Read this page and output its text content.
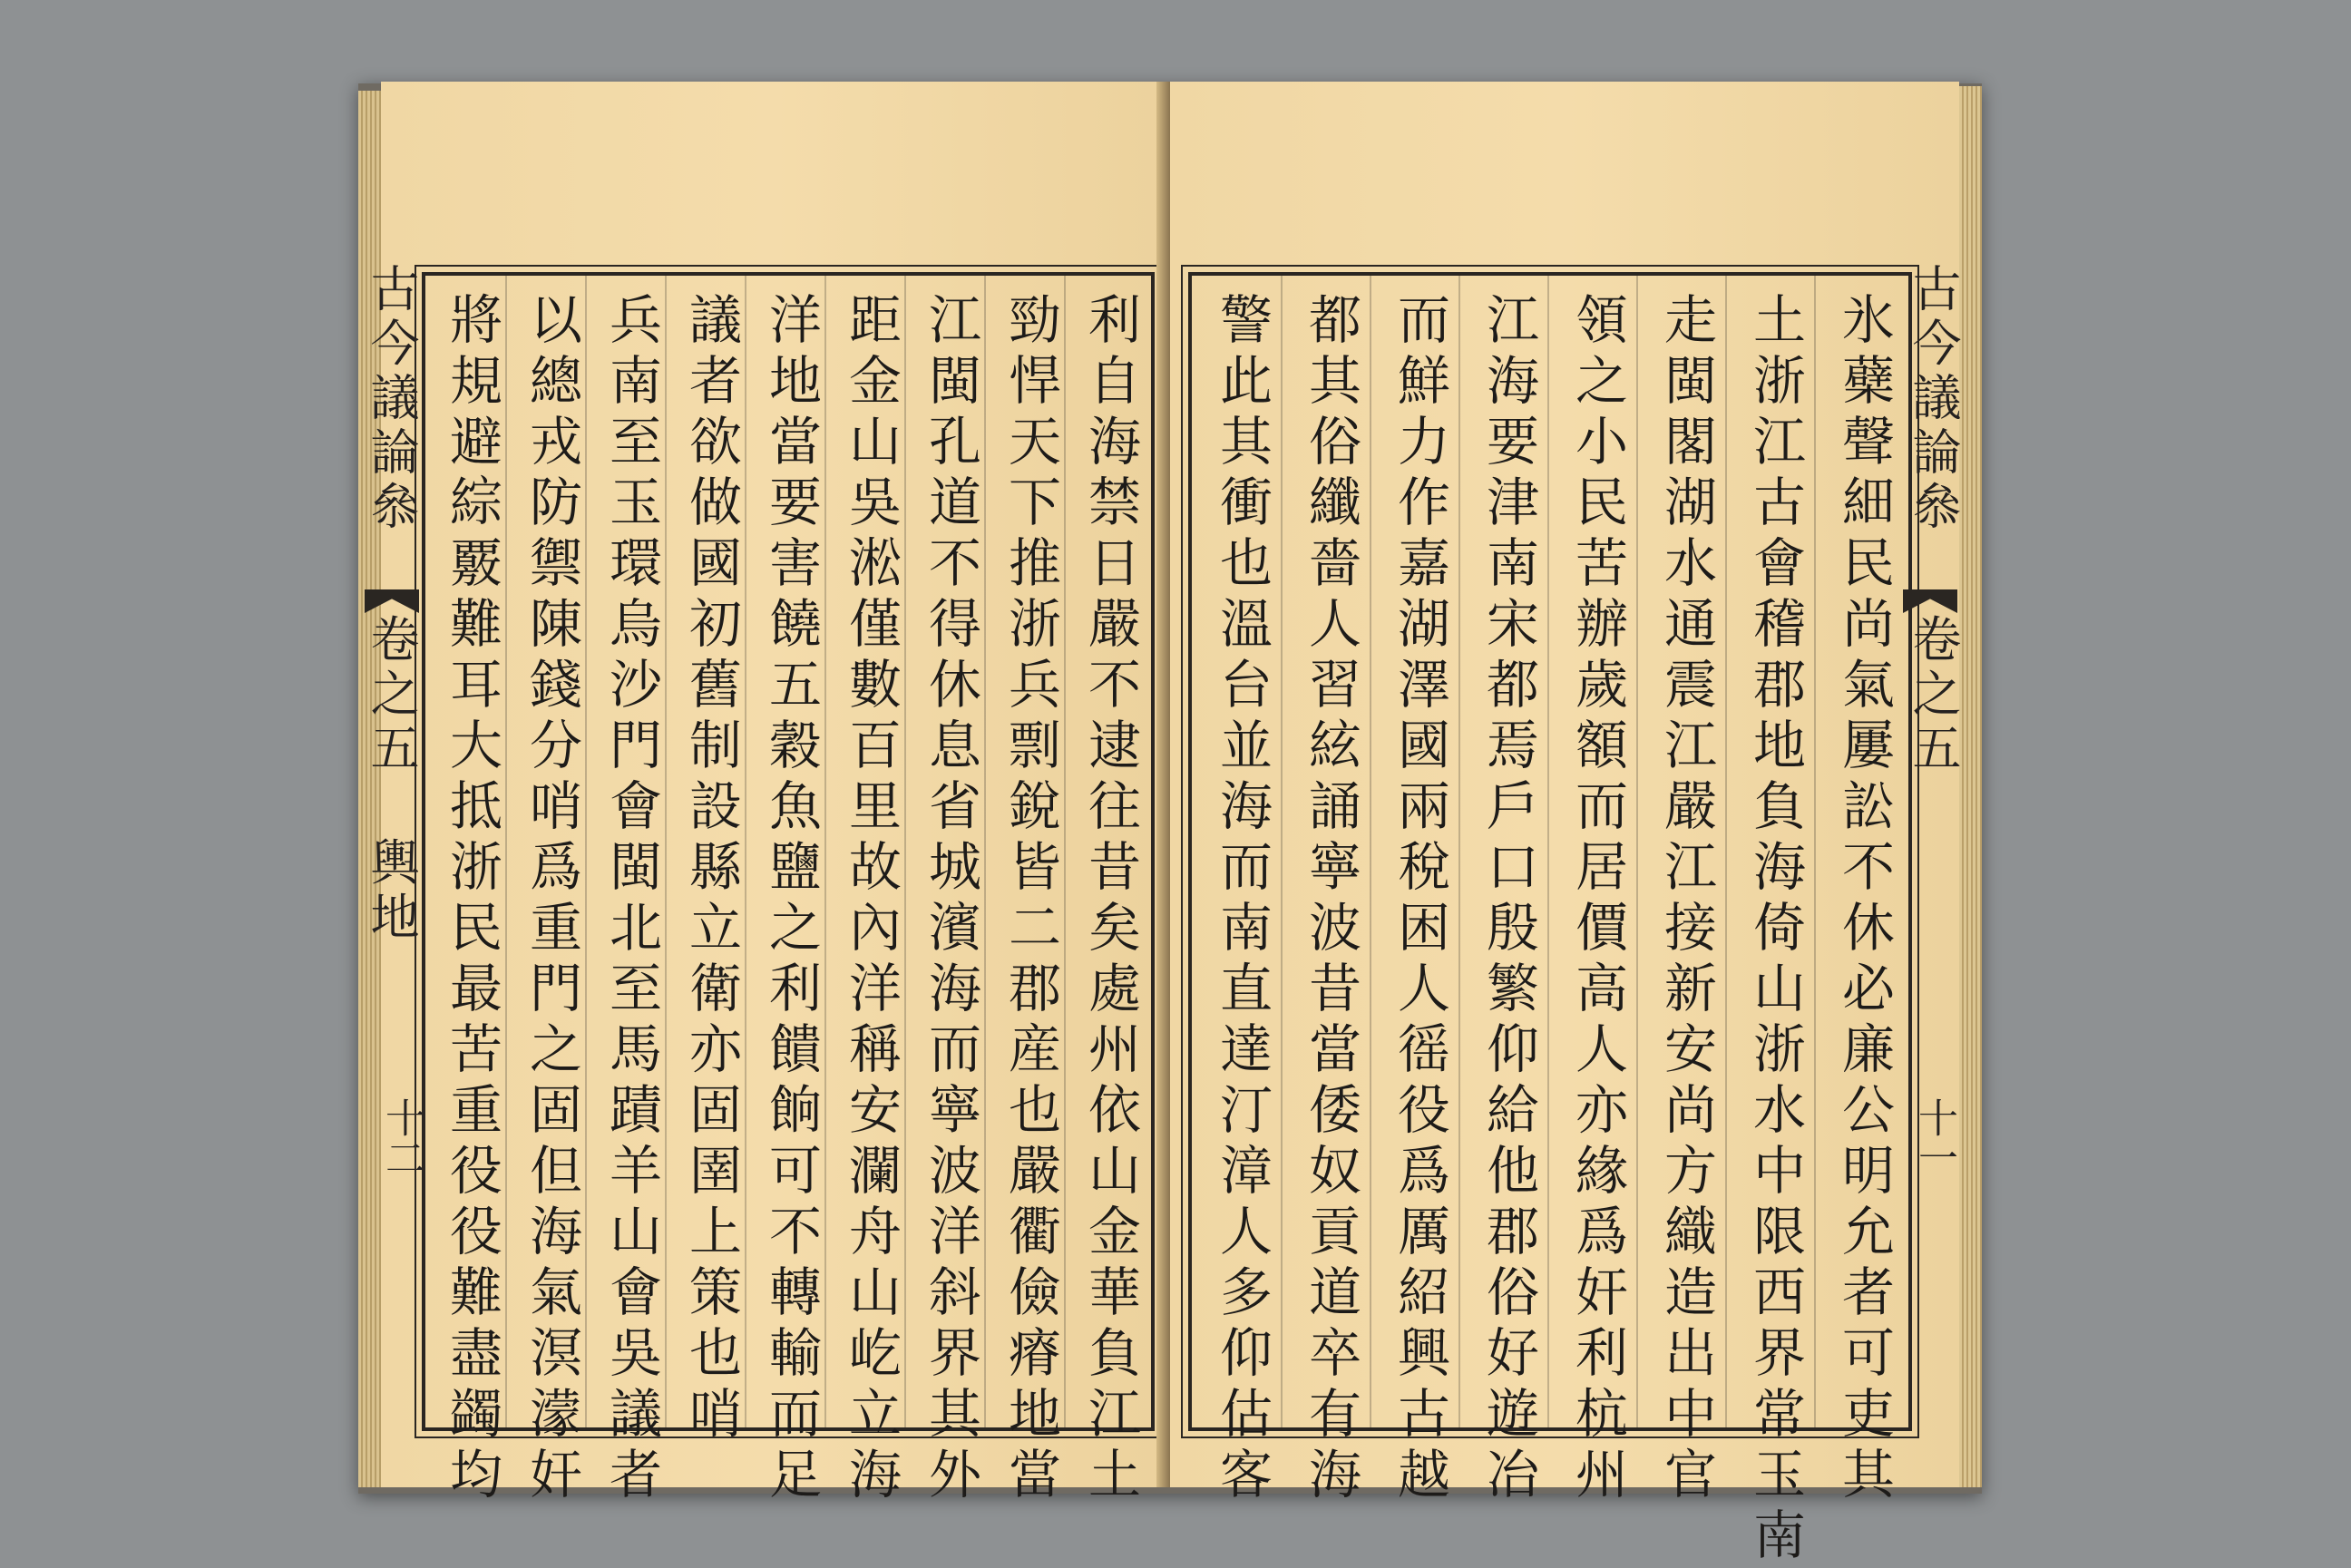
古今議論叅  卷之五  輿地
十二	利自海禁日嚴不逮往昔矣處州依山金華負江土
勁悍天下推浙兵剽銳皆二郡産也嚴衢儉瘠地當
江閩孔道不得休息省城濱海而寧波洋斜界其外
距金山吳淞僅數百里故內洋稱安瀾舟山屹立海
洋地當要害饒五穀魚鹽之利饋餉可不轉輸而足
議者欲做國初舊制設縣立衛亦固圉上策也哨
兵南至玉環烏沙門會閩北至馬蹟羊山會吳議者
以總戎防禦陳錢分哨爲重門之固但海氣溟濛奸
將規避綜覈難耳大抵浙民最苦重役役難盡蠲均	氷蘗聲細民尚氣屢訟不休必廉公明允者可吏其
土浙江古會稽郡地負海倚山浙水中限西界常玉南
走閩閣湖水通震江嚴江接新安尚方織造出中官
領之小民苦辦歲額而居價高人亦緣爲奸利杭州
江海要津南宋都焉戶口殷繁仰給他郡俗好遊冶
而鮮力作嘉湖澤國兩稅困人徭役爲厲紹興古越
都其俗纖嗇人習絃誦寧波昔當倭奴貢道卒有海
警此其衝也溫台並海而南直達汀漳人多仰估客	古今議論叅  卷之五
十一
